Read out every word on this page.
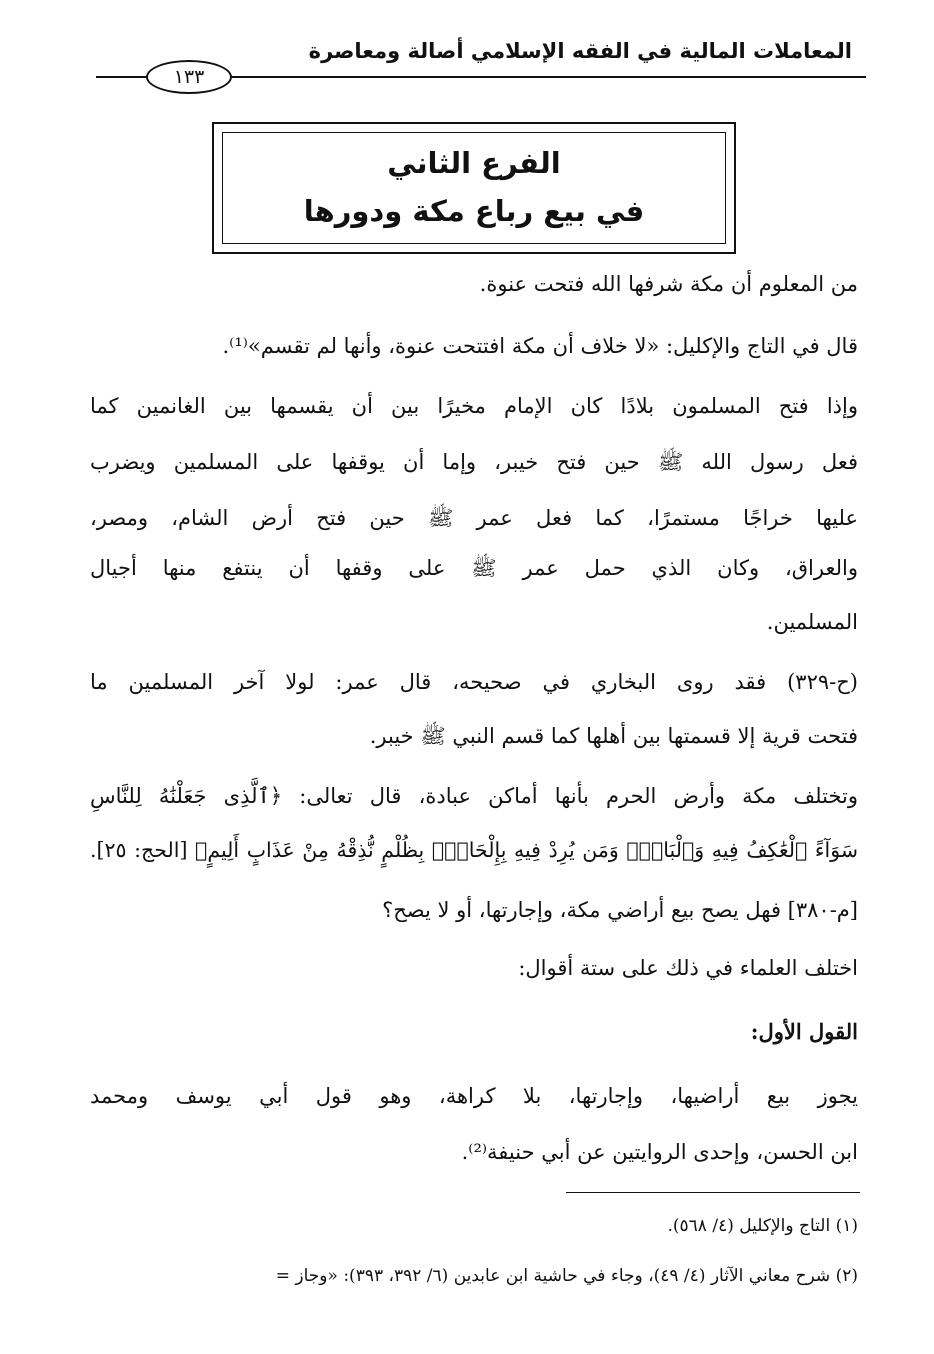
المعاملات المالية في الفقه الإسلامي أصالة ومعاصرة
١٣٣
الفرع الثاني
في بيع رباع مكة ودورها
من المعلوم أن مكة شرفها الله فتحت عنوة.
قال في التاج والإكليل: «لا خلاف أن مكة افتتحت عنوة، وأنها لم تقسم»⁽¹⁾.
وإذا فتح المسلمون بلادًا كان الإمام مخيرًا بين أن يقسمها بين الغانمين كما
فعل رسول الله ﷺ حين فتح خيبر، وإما أن يوقفها على المسلمين ويضرب
عليها خراجًا مستمرًا، كما فعل عمر ﷺ حين فتح أرض الشام، ومصر،
والعراق، وكان الذي حمل عمر ﷺ على وقفها أن ينتفع منها أجيال
المسلمين.
(ح-٣٢٩) فقد روى البخاري في صحيحه، قال عمر: لولا آخر المسلمين ما
فتحت قرية إلا قسمتها بين أهلها كما قسم النبي ﷺ خيبر.
وتختلف مكة وأرض الحرم بأنها أماكن عبادة، قال تعالى: ﴿ٱلَّذِى جَعَلْنَٰهُ لِلنَّاسِ
سَوَآءً ٱلْعَٰكِفُ فِيهِ وَٱلْبَادِۚ وَمَن يُرِدْ فِيهِ بِإِلْحَادٍۭ بِظُلْمٍ نُّذِقْهُ مِنْ عَذَابٍ أَلِيمٍ﴾ [الحج: ٢٥].
[م-٣٨٠] فهل يصح بيع أراضي مكة، وإجارتها، أو لا يصح؟
اختلف العلماء في ذلك على ستة أقوال:
القول الأول:
يجوز بيع أراضيها، وإجارتها، بلا كراهة، وهو قول أبي يوسف ومحمد
ابن الحسن، وإحدى الروايتين عن أبي حنيفة⁽²⁾.
(١) التاج والإكليل (٤/ ٥٦٨).
(٢) شرح معاني الآثار (٤/ ٤٩)، وجاء في حاشية ابن عابدين (٦/ ٣٩٢، ٣٩٣): «وجاز =
